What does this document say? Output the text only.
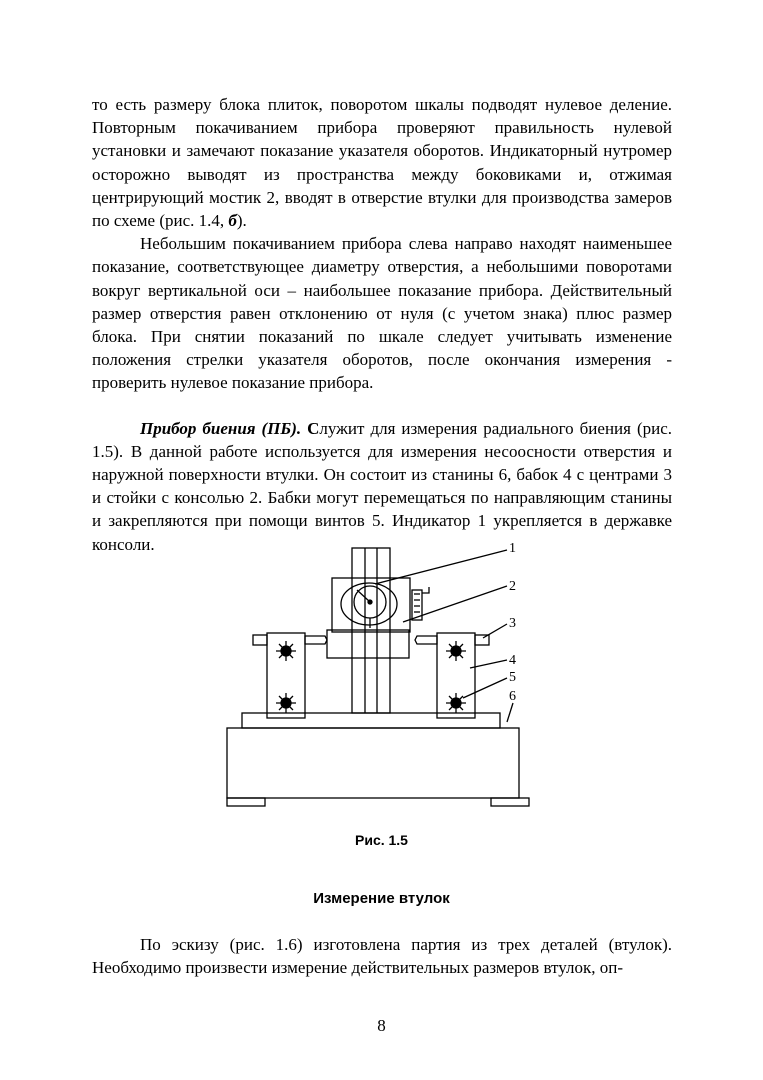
то есть размеру блока плиток, поворотом шкалы подводят нулевое деление. Повторным покачиванием прибора проверяют правильность нулевой установки и замечают показание указателя оборотов. Индикаторный нутромер осторожно выводят из пространства между боковиками и, отжимая центрирующий мостик 2, вводят в отверстие втулки для производства замеров по схеме (рис. 1.4, б).

Небольшим покачиванием прибора слева направо находят наименьшее показание, соответствующее диаметру отверстия, а небольшими поворотами вокруг вертикальной оси – наибольшее показание прибора. Действительный размер отверстия равен отклонению от нуля (с учетом знака) плюс размер блока. При снятии показаний по шкале следует учитывать изменение положения стрелки указателя оборотов, после окончания измерения - проверить нулевое показание прибора.

Прибор биения (ПБ). Служит для измерения радиального биения (рис. 1.5). В данной работе используется для измерения несоосности отверстия и наружной поверхности втулки. Он состоит из станины 6, бабок 4 с центрами 3 и стойки с консолью 2. Бабки могут перемещаться по направляющим станины и закрепляются при помощи винтов 5. Индикатор 1 укрепляется в державке консоли.	1
2
3
4
5
6
Рис. 1.5
Измерение втулок

По эскизу (рис. 1.6) изготовлена партия из трех деталей (втулок). Необходимо произвести измерение действительных размеров втулок, оп-

8
